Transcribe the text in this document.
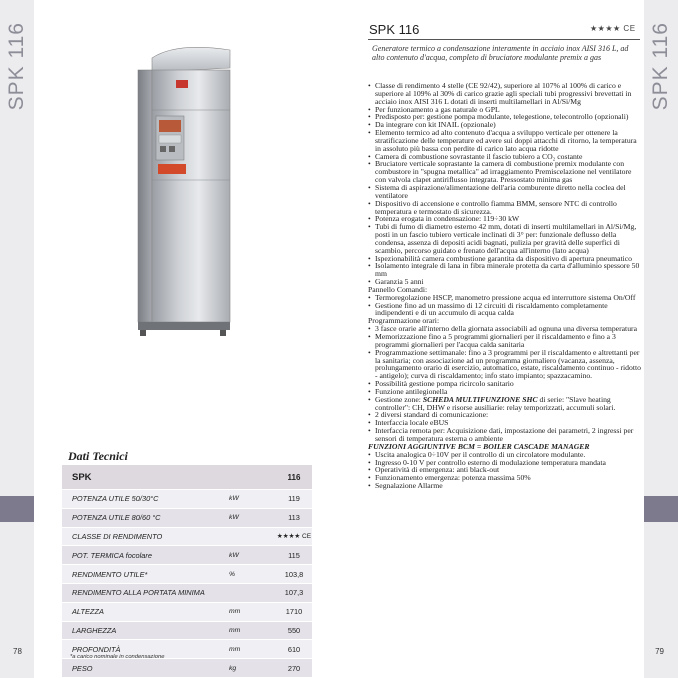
SPK 116
78
SPK 116
79
Dati Tecnici
SPK		116
POTENZA UTILE 50/30°C	kW	119
POTENZA UTILE 80/60 °C	kW	113
CLASSE DI RENDIMENTO		★★★★ CE
POT. TERMICA focolare	kW	115
RENDIMENTO UTILE*	%	103,8
RENDIMENTO ALLA PORTATA MINIMA		107,3
ALTEZZA	mm	1710
LARGHEZZA	mm	550
PROFONDITÀ	mm	610
PESO	kg	270
*a carico nominale in condensazione
SPK 116	★★★★ CE

Generatore termico a condensazione interamente in acciaio inox AISI 316 L, ad alto contenuto d'acqua, completo di bruciatore modulante premix a gas

• Classe di rendimento 4 stelle (CE 92/42), superiore al 107% al 100% di carico e superiore al 109% al 30% di carico grazie agli speciali tubi progressivi brevettati in acciaio inox AISI 316 L dotati di inserti multilamellari in Al/Si/Mg
• Per funzionamento a gas naturale o GPL
• Predisposto per: gestione pompa modulante, telegestione, telecontrollo (opzionali)
• Da integrare con kit INAIL (opzionale)
• Elemento termico ad alto contenuto d'acqua a sviluppo verticale per ottenere la stratificazione delle temperature ed avere sui doppi attacchi di ritorno, la temperatura in assoluto più bassa con perdite di carico lato acqua ridotte
• Camera di combustione sovrastante il fascio tubiero a CO₂ costante
• Bruciatore verticale soprastante la camera di combustione premix modulante con combustore in "spugna metallica" ad irraggiamento Premiscelazione nel ventilatore con valvola clapet antiriflusso integrata. Pressostato minima gas
• Sistema di aspirazione/alimentazione dell'aria comburente diretto nella coclea del ventilatore
• Dispositivo di accensione e controllo fiamma BMM, sensore NTC di controllo temperatura e termostato di sicurezza.
• Potenza erogata in condensazione: 119÷30 kW
• Tubi di fumo di diametro esterno 42 mm, dotati di inserti multilamellari in Al/Si/Mg, posti in un fascio tubiero verticale inclinati di 3° per: funzionale deflusso della condensa, assenza di depositi acidi bagnati, pulizia per gravità delle superfici di scambio, percorso guidato e frenato dell'acqua all'interno (lato acqua)
• Ispezionabilità camera combustione garantita da dispositivo di apertura pneumatico
• Isolamento integrale di lana in fibra minerale protetta da carta d'alluminio spessore 50 mm
• Garanzia 5 anni
Pannello Comandi:
• Termoregolazione HSCP, manometro pressione acqua ed interruttore sistema On/Off
• Gestione fino ad un massimo di 12 circuiti di riscaldamento completamente indipendenti e di un accumulo di acqua calda
Programmazione orari:
• 3 fasce orarie all'interno della giornata associabili ad ognuna una diversa temperatura
• Memorizzazione fino a 5 programmi giornalieri per il riscaldamento e fino a 3 programmi giornalieri per l'acqua calda sanitaria
• Programmazione settimanale: fino a 3 programmi per il riscaldamento e altrettanti per la sanitaria; con associazione ad un programma giornaliero (vacanza, assenza, prolungamento orario di esercizio, automatico, estate, riscaldamento continuo - ridotto - antigelo); curva di riscaldamento; info stato impianto; spazzacamino.
• Possibilità gestione pompa ricircolo sanitario
• Funzione antilegionella
• Gestione zone: SCHEDA MULTIFUNZIONE SHC di serie: "Slave heating controller": CH, DHW e risorse ausiliarie: relay temporizzati, accumuli solari.
• 2 diversi standard di comunicazione:
• Interfaccia locale eBUS
• Interfaccia remota per: Acquisizione dati, impostazione dei parametri, 2 ingressi per sensori di temperatura esterna o ambiente
FUNZIONI AGGIUNTIVE BCM = BOILER CASCADE MANAGER
• Uscita analogica 0÷10V per il controllo di un circolatore modulante.
• Ingresso 0-10 V per controllo esterno di modulazione temperatura mandata
• Operatività di emergenza: anti black-out
• Funzionamento emergenza: potenza massima 50%
• Segnalazione Allarme
